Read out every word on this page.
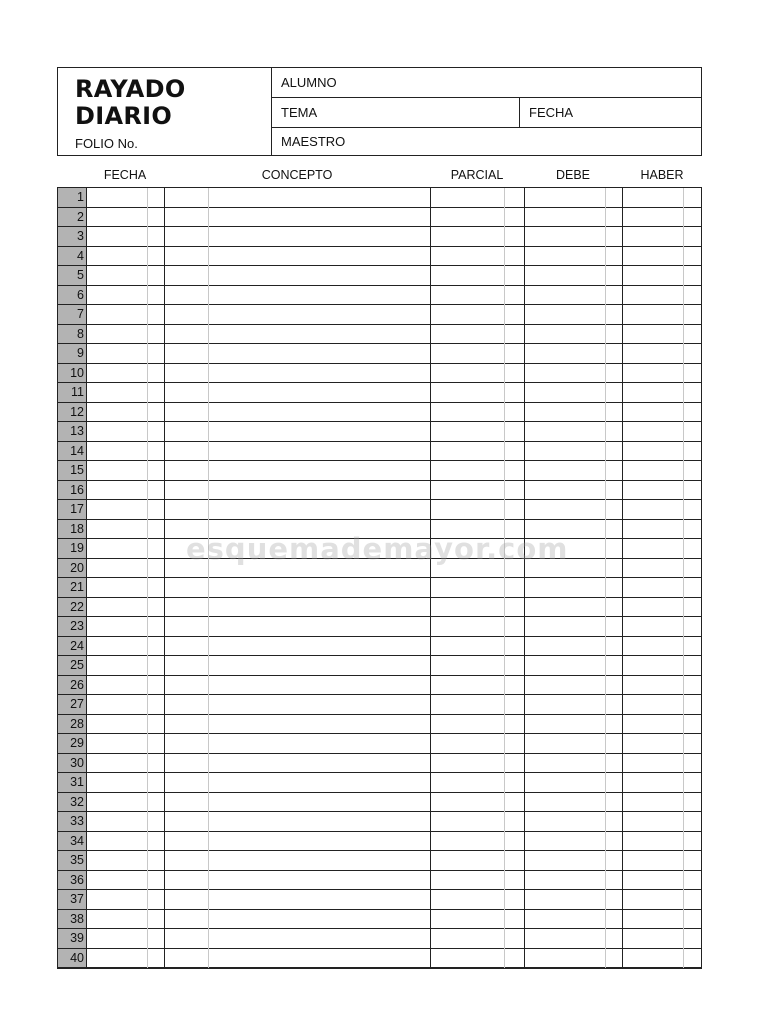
RAYADO
DIARIO
FOLIO No.
ALUMNO
TEMA	FECHA
MAESTRO
FECHA	CONCEPTO	PARCIAL	DEBE	HABER
1
2
3
4
5
6
7
8
9
10
11
12
13
14
15
16
17
18
19
20
21
22
23
24
25
26
27
28
29
30
31
32
33
34
35
36
37
38
39
40
esquemademayor.com
